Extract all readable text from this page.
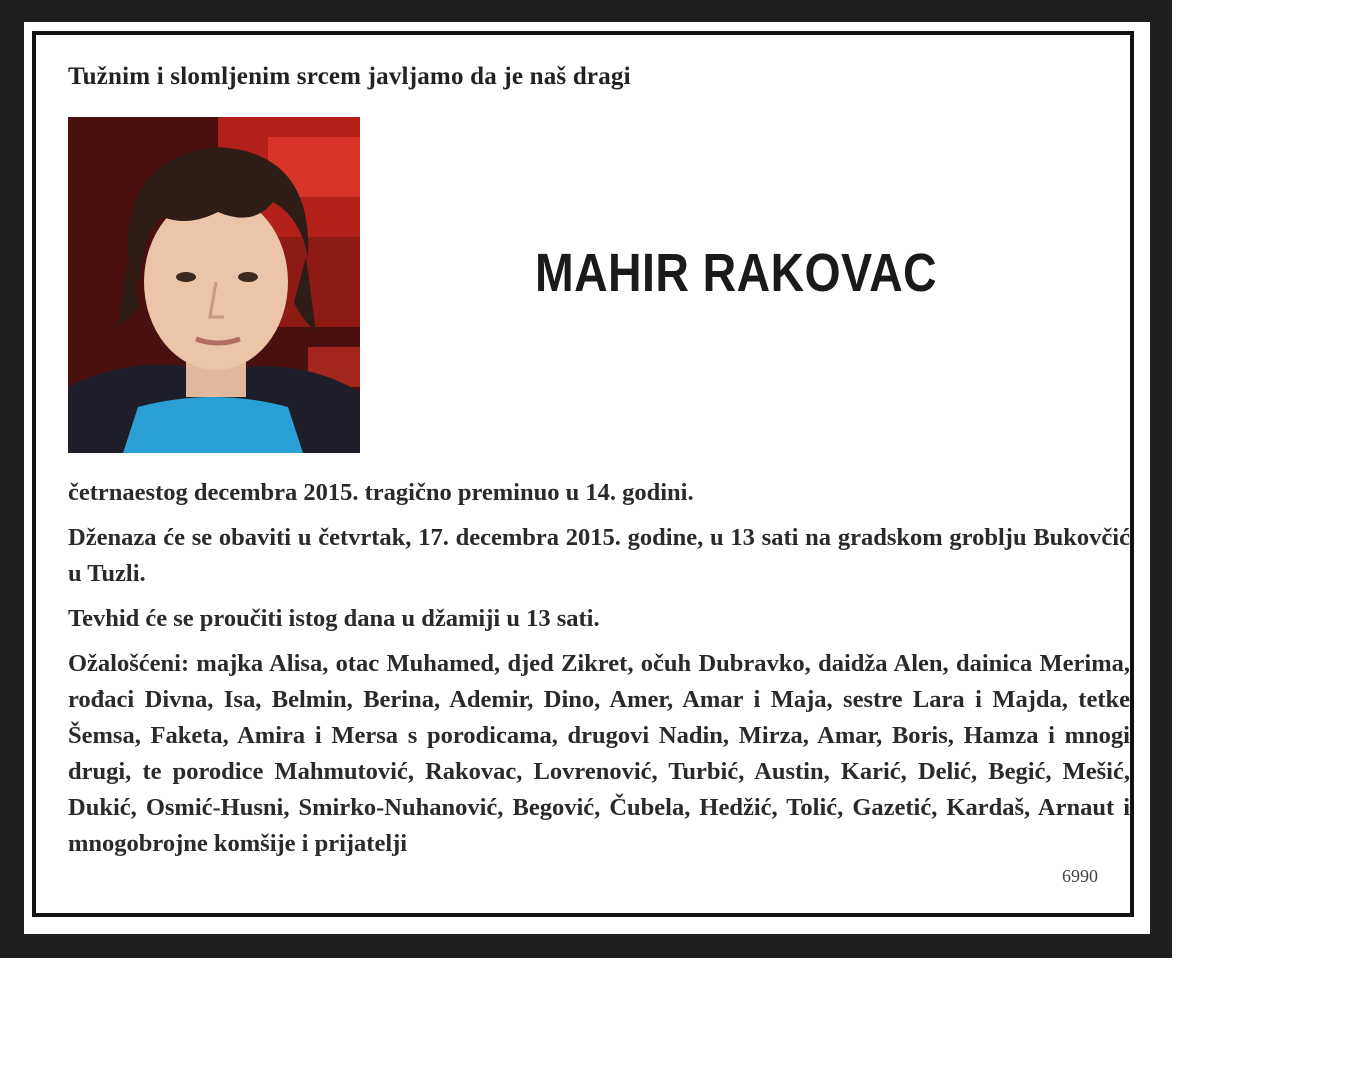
Tužnim i slomljenim srcem javljamo da je naš dragi
MAHIR RAKOVAC

četrnaestog decembra 2015. tragično preminuo u 14. godini.

Dženaza će se obaviti u četvrtak, 17. decembra 2015. godine, u 13 sati na gradskom groblju Bukovčić u Tuzli.

Tevhid će se proučiti istog dana u džamiji u 13 sati.

Ožalošćeni: majka Alisa, otac Muhamed, djed Zikret, očuh Dubravko, daidža Alen, dainica Merima, rođaci Divna, Isa, Belmin, Berina, Ademir, Dino, Amer, Amar i Maja, sestre Lara i Majda, tetke Šemsa, Faketa, Amira i Mersa s porodicama, drugovi Nadin, Mirza, Amar, Boris, Hamza i mnogi drugi, te porodice Mahmutović, Rakovac, Lovrenović, Turbić, Austin, Karić, Delić, Begić, Mešić, Dukić, Osmić-Husni, Smirko-Nuhanović, Begović, Čubela, Hedžić, Tolić, Gazetić, Kardaš, Arnaut i mnogobrojne komšije i prijatelji

6990
